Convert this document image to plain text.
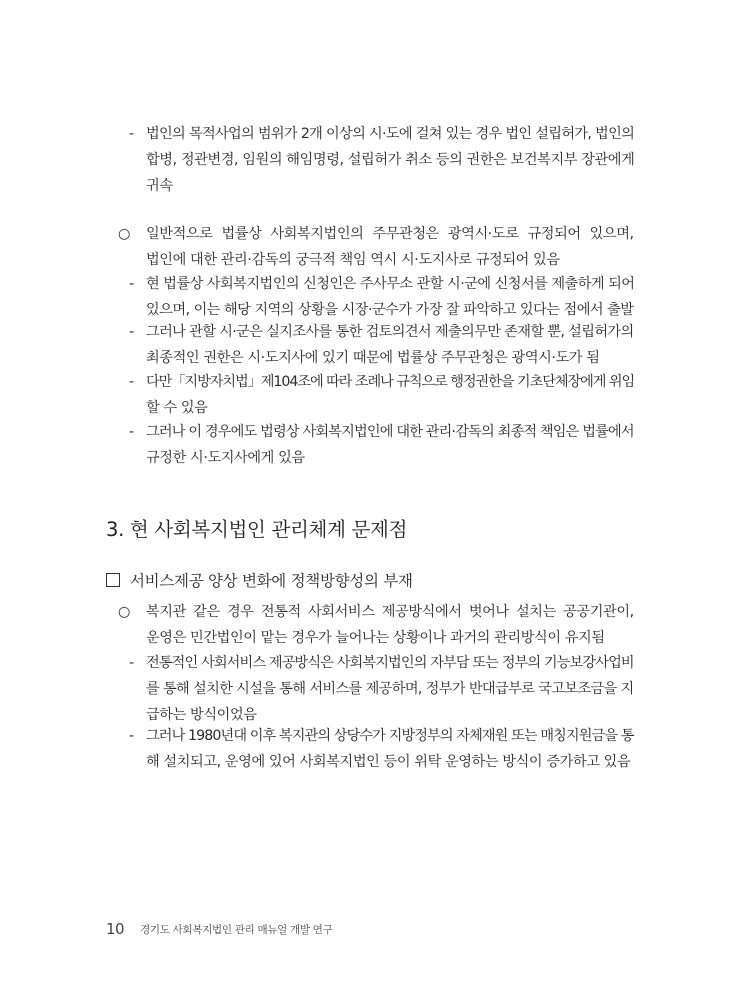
- 법인의 목적사업의 범위가 2개 이상의 시·도에 걸쳐 있는 경우 법인 설립허가, 법인의
합병, 정관변경, 임원의 해임명령, 설립허가 취소 등의 권한은 보건복지부 장관에게
귀속
○ 일반적으로 법률상 사회복지법인의 주무관청은 광역시·도로 규정되어 있으며,
법인에 대한 관리·감독의 궁극적 책임 역시 시·도지사로 규정되어 있음
- 현 법률상 사회복지법인의 신청인은 주사무소 관할 시·군에 신청서를 제출하게 되어
있으며, 이는 해당 지역의 상황을 시장·군수가 가장 잘 파악하고 있다는 점에서 출발
- 그러나 관할 시·군은 실지조사를 통한 검토의견서 제출의무만 존재할 뿐, 설립허가의
최종적인 권한은 시·도지사에 있기 때문에 법률상 주무관청은 광역시·도가 됨
- 다만「지방자치법」제104조에 따라 조례나 규칙으로 행정권한을 기초단체장에게 위임
할 수 있음
- 그러나 이 경우에도 법령상 사회복지법인에 대한 관리·감독의 최종적 책임은 법률에서
규정한 시·도지사에게 있음
3. 현 사회복지법인 관리체계 문제점
서비스제공 양상 변화에 정책방향성의 부재
○ 복지관 같은 경우 전통적 사회서비스 제공방식에서 벗어나 설치는 공공기관이,
운영은 민간법인이 맡는 경우가 늘어나는 상황이나 과거의 관리방식이 유지됨
- 전통적인 사회서비스 제공방식은 사회복지법인의 자부담 또는 정부의 기능보강사업비
를 통해 설치한 시설을 통해 서비스를 제공하며, 정부가 반대급부로 국고보조금을 지
급하는 방식이었음
- 그러나 1980년대 이후 복지관의 상당수가 지방정부의 자체재원 또는 매칭지원금을 통
해 설치되고, 운영에 있어 사회복지법인 등이 위탁 운영하는 방식이 증가하고 있음
10 경기도 사회복지법인 관리 매뉴얼 개발 연구
